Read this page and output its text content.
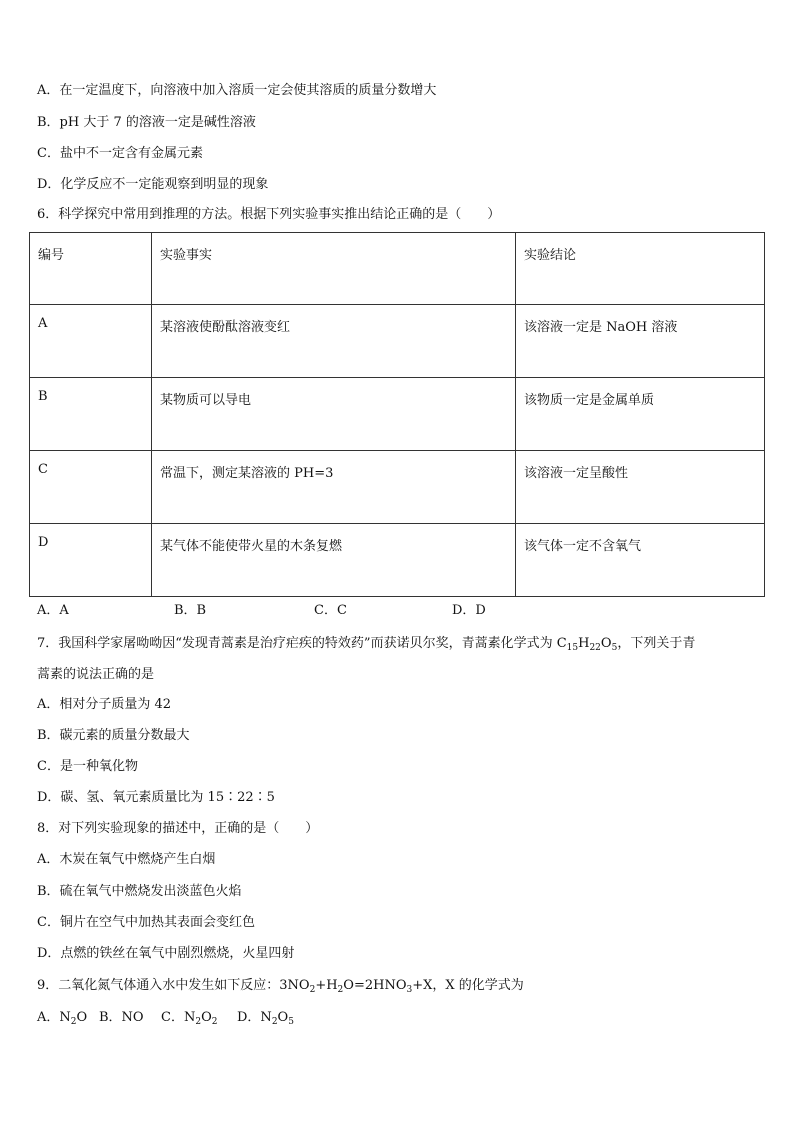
A．在一定温度下，向溶液中加入溶质一定会使其溶质的质量分数增大
B．pH 大于 7 的溶液一定是碱性溶液
C．盐中不一定含有金属元素
D．化学反应不一定能观察到明显的现象
6．科学探究中常用到推理的方法。根据下列实验事实推出结论正确的是（　　）
编号	实验事实	实验结论
A	某溶液使酚酞溶液变红	该溶液一定是 NaOH 溶液
B	某物质可以导电	该物质一定是金属单质
C	常温下，测定某溶液的 PH=3	该溶液一定呈酸性
D	某气体不能使带火星的木条复燃	该气体一定不含氧气
A．A	B．B	C．C	D．D
7．我国科学家屠呦呦因“发现青蒿素是治疗疟疾的特效药”而获诺贝尔奖，青蒿素化学式为 $C_{15}H_{22}O_5$，下列关于青
蒿素的说法正确的是
A．相对分子质量为 42
B．碳元素的质量分数最大
C．是一种氧化物
D．碳、氢、氧元素质量比为 15∶22∶5
8．对下列实验现象的描述中，正确的是（　　）
A．木炭在氧气中燃烧产生白烟
B．硫在氧气中燃烧发出淡蓝色火焰
C．铜片在空气中加热其表面会变红色
D．点燃的铁丝在氧气中剧烈燃烧，火星四射
9．二氧化氮气体通入水中发生如下反应：$3NO_2+H_2O=2HNO_3+X$，X 的化学式为
A．$N_2O$ B．NO C．$N_2O_2$ D．$N_2O_5$
